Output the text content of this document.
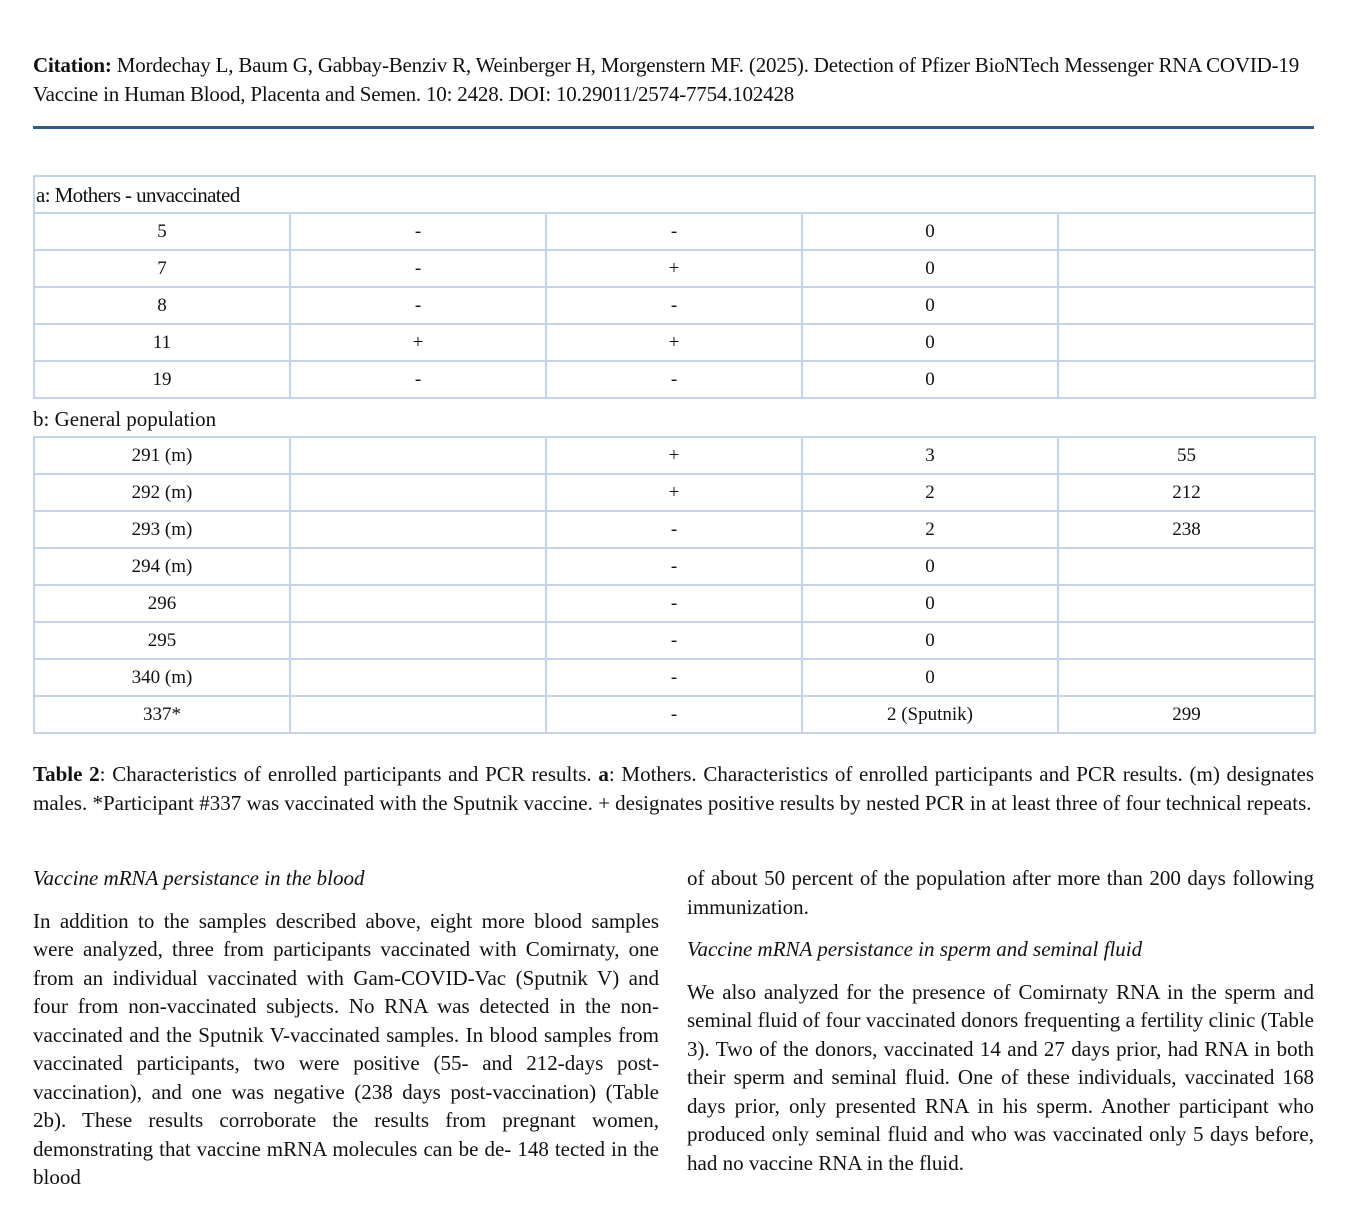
Citation: Mordechay L, Baum G, Gabbay-Benziv R, Weinberger H, Morgenstern MF. (2025). Detection of Pfizer BioNTech Messenger RNA COVID-19 Vaccine in Human Blood, Placenta and Semen. 10: 2428. DOI: 10.29011/2574-7754.102428
a: Mothers - unvaccinated				
5	-	-	0	
7	-	+	0	
8	-	-	0	
11	+	+	0	
19	-	-	0	
b: General population
291 (m)		+	3	55
292 (m)		+	2	212
293 (m)		-	2	238
294 (m)		-	0	
296		-	0	
295		-	0	
340 (m)		-	0	
337*		-	2 (Sputnik)	299
Table 2: Characteristics of enrolled participants and PCR results. a: Mothers. Characteristics of enrolled participants and PCR results. (m) designates males. *Participant #337 was vaccinated with the Sputnik vaccine. + designates positive results by nested PCR in at least three of four technical repeats.

Vaccine mRNA persistance in the blood

In addition to the samples described above, eight more blood samples were analyzed, three from participants vaccinated with Comirnaty, one from an individual vaccinated with Gam-COVID-Vac (Sputnik V) and four from non-vaccinated subjects. No RNA was detected in the non-vaccinated and the Sputnik V-vaccinated samples. In blood samples from vaccinated participants, two were positive (55- and 212-days post-vaccination), and one was negative (238 days post-vaccination) (Table 2b). These results corroborate the results from pregnant women, demonstrating that vaccine mRNA molecules can be de- 148 tected in the blood

of about 50 percent of the population after more than 200 days following immunization.

Vaccine mRNA persistance in sperm and seminal fluid

We also analyzed for the presence of Comirnaty RNA in the sperm and seminal fluid of four vaccinated donors frequenting a fertility clinic (Table 3). Two of the donors, vaccinated 14 and 27 days prior, had RNA in both their sperm and seminal fluid. One of these individuals, vaccinated 168 days prior, only presented RNA in his sperm. Another participant who produced only seminal fluid and who was vaccinated only 5 days before, had no vaccine RNA in the fluid.
